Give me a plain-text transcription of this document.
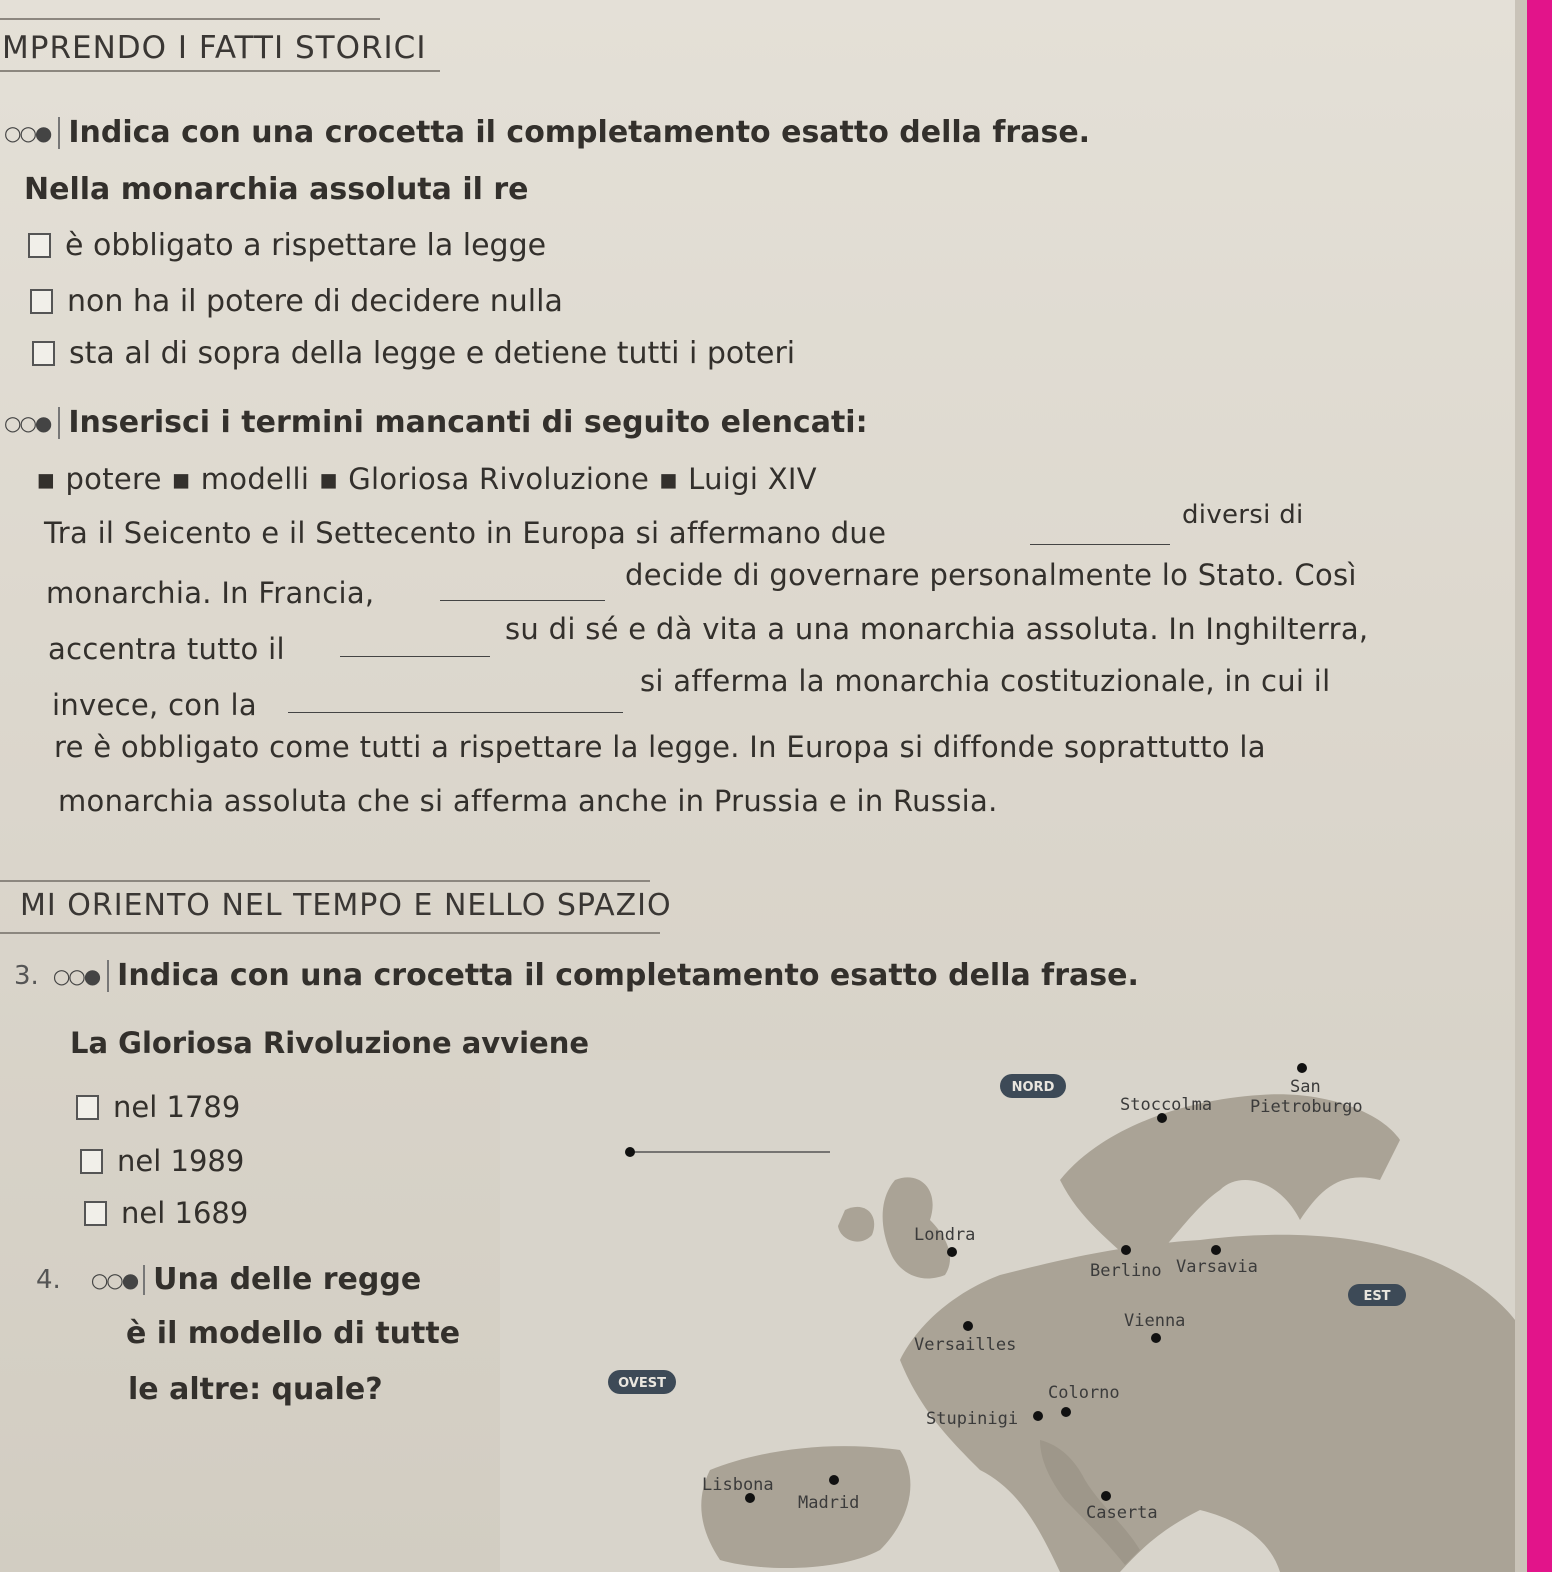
MPRENDO I FATTI STORICI
○○● Indica con una crocetta il completamento esatto della frase.
Nella monarchia assoluta il re
è obbligato a rispettare la legge
non ha il potere di decidere nulla
sta al di sopra della legge e detiene tutti i poteri
○○● Inserisci i termini mancanti di seguito elencati:
▪ potere ▪ modelli ▪ Gloriosa Rivoluzione ▪ Luigi XIV
Tra il Seicento e il Settecento in Europa si affermano due
diversi di
monarchia. In Francia,
decide di governare personalmente lo Stato. Così
accentra tutto il
su di sé e dà vita a una monarchia assoluta. In Inghilterra,
invece, con la
si afferma la monarchia costituzionale, in cui il
re è obbligato come tutti a rispettare la legge. In Europa si diffonde soprattutto la
monarchia assoluta che si afferma anche in Prussia e in Russia.
MI ORIENTO NEL TEMPO E NELLO SPAZIO
3. ○○● Indica con una crocetta il completamento esatto della frase.
La Gloriosa Rivoluzione avviene
nel 1789
nel 1989
nel 1689
4. ○○● Una delle regge
è il modello di tutte
le altre: quale?
NORD
EST
OVEST
Stoccolma
San
Pietroburgo
Londra
Berlino Varsavia
Vienna
Versailles
Colorno
Stupinigi
Lisbona
Madrid	Caserta
